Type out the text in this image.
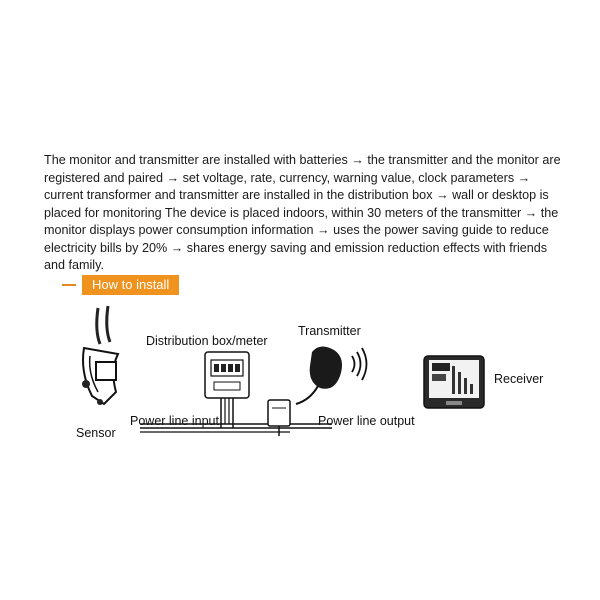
The monitor and transmitter are installed with batteries → the transmitter and the monitor are registered and paired → set voltage, rate, currency, warning value, clock parameters → current transformer and transmitter are installed in the distribution box → wall or desktop is placed for monitoring The device is placed indoors, within 30 meters of the transmitter → the monitor displays power consumption information → uses the power saving guide to reduce electricity bills by 20% → shares energy saving and emission reduction effects with friends and family.
How to install
Distribution box/meter
Transmitter
Receiver
Power line input	Power line output
Sensor
